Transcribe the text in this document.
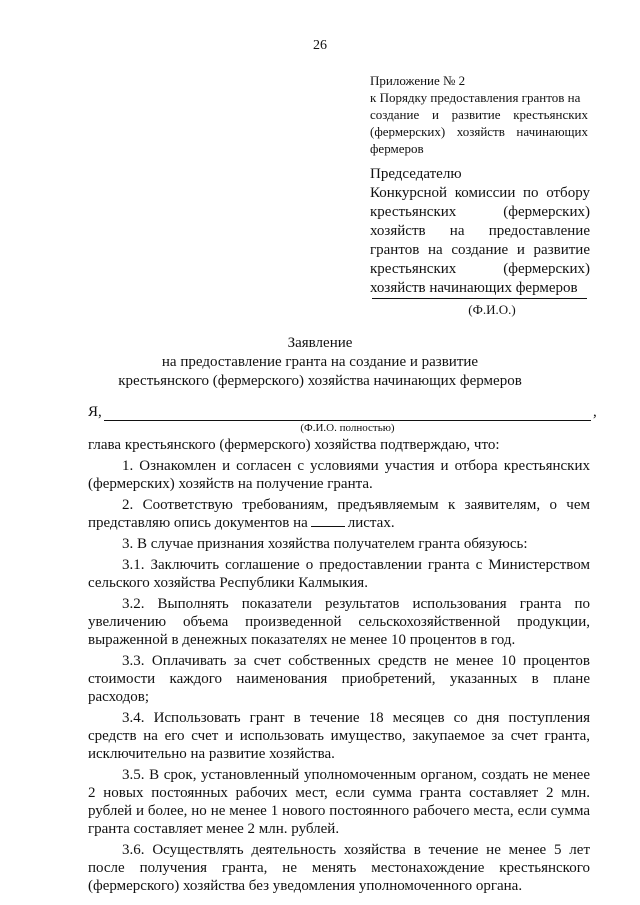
26
Приложение № 2
к Порядку предоставления грантов на
создание и развитие крестьянских
(фермерских) хозяйств начинающих
фермеров
Председателю
Конкурсной комиссии по отбору
крестьянских (фермерских)
хозяйств на предоставление
грантов на создание и развитие
крестьянских (фермерских)
хозяйств начинающих фермеров
(Ф.И.О.)
Заявление
на предоставление гранта на создание и развитие
крестьянского (фермерского) хозяйства начинающих фермеров
Я,	,
(Ф.И.О. полностью)

глава крестьянского (фермерского) хозяйства подтверждаю, что:

1. Ознакомлен и согласен с условиями участия и отбора крестьянских (фермерских) хозяйств на получение гранта.

2. Соответствую требованиям, предъявляемым к заявителям, о чем представляю опись документов на	листах.

3. В случае признания хозяйства получателем гранта обязуюсь:

3.1. Заключить соглашение о предоставлении гранта с Министерством сельского хозяйства Республики Калмыкия.

3.2. Выполнять показатели результатов использования гранта по увеличению объема произведенной сельскохозяйственной продукции, выраженной в денежных показателях не менее 10 процентов в год.

3.3. Оплачивать за счет собственных средств не менее 10 процентов стоимости каждого наименования приобретений, указанных в плане расходов;

3.4. Использовать грант в течение 18 месяцев со дня поступления средств на его счет и использовать имущество, закупаемое за счет гранта, исключительно на развитие хозяйства.

3.5. В срок, установленный уполномоченным органом, создать не менее 2 новых постоянных рабочих мест, если сумма гранта составляет 2 млн. рублей и более, но не менее 1 нового постоянного рабочего места, если сумма гранта составляет менее 2 млн. рублей.

3.6. Осуществлять деятельность хозяйства в течение не менее 5 лет после получения гранта, не менять местонахождение крестьянского (фермерского) хозяйства без уведомления уполномоченного органа.
